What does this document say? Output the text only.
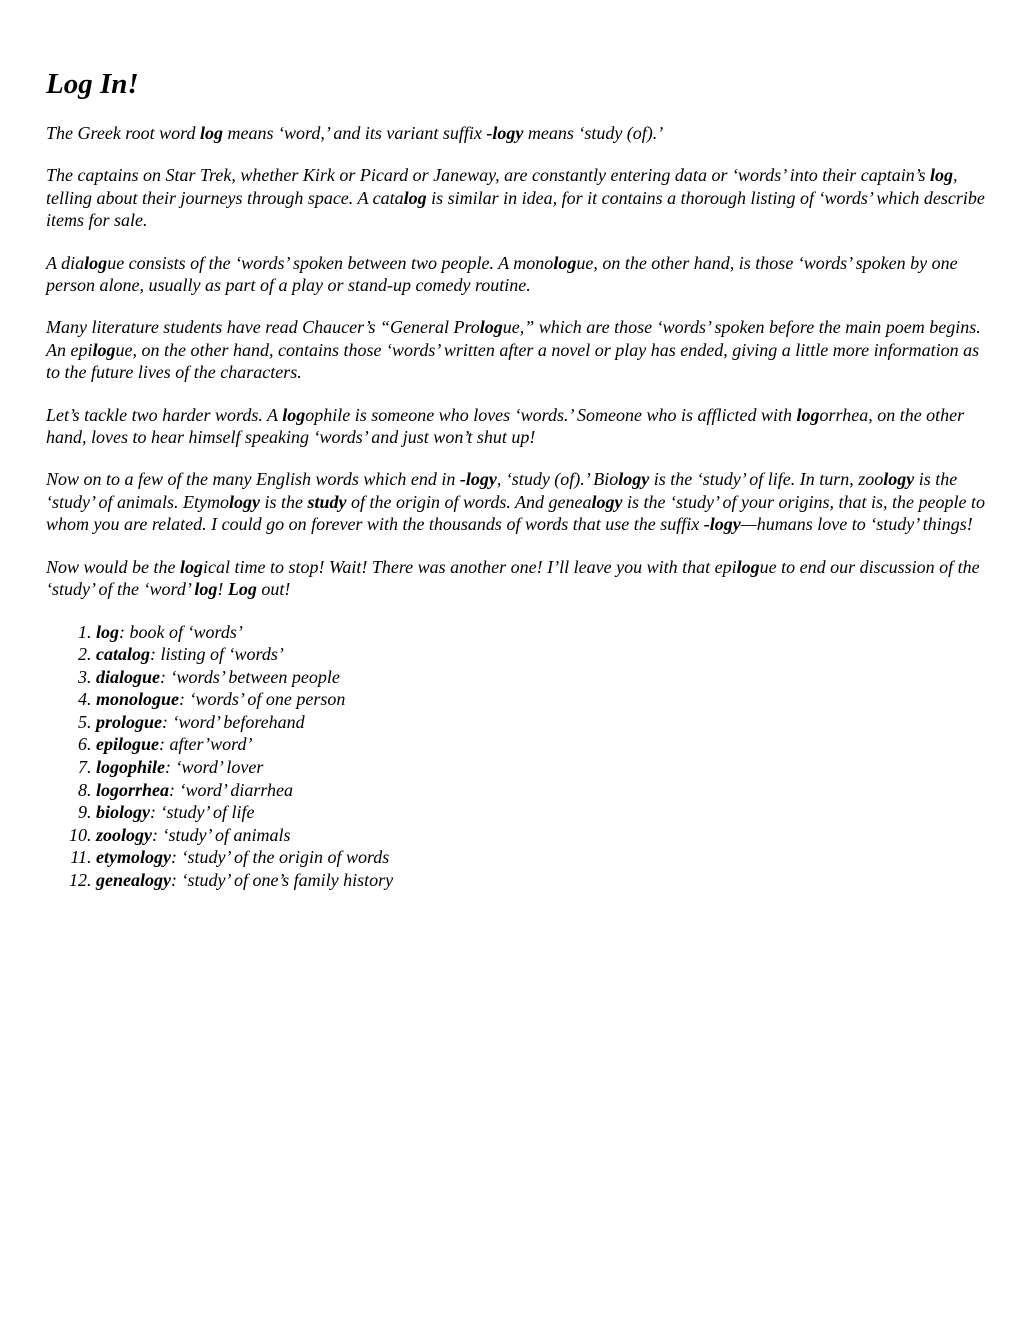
Log In!

The Greek root word log means ‘word,’ and its variant suffix -logy means ‘study (of).’

The captains on Star Trek, whether Kirk or Picard or Janeway, are constantly entering data or ‘words’ into their captain’s log, telling about their journeys through space. A catalog is similar in idea, for it contains a thorough listing of ‘words’ which describe items for sale.

A dialogue consists of the ‘words’ spoken between two people. A monologue, on the other hand, is those ‘words’ spoken by one person alone, usually as part of a play or stand-up comedy routine.

Many literature students have read Chaucer’s “General Prologue,” which are those ‘words’ spoken before the main poem begins. An epilogue, on the other hand, contains those ‘words’ written after a novel or play has ended, giving a little more information as to the future lives of the characters.

Let’s tackle two harder words. A logophile is someone who loves ‘words.’ Someone who is afflicted with logorrhea, on the other hand, loves to hear himself speaking ‘words’ and just won’t shut up!

Now on to a few of the many English words which end in -logy, ‘study (of).’ Biology is the ‘study’ of life. In turn, zoology is the ‘study’ of animals. Etymology is the study of the origin of words. And genealogy is the ‘study’ of your origins, that is, the people to whom you are related. I could go on forever with the thousands of words that use the suffix -logy—humans love to ‘study’ things!

Now would be the logical time to stop! Wait! There was another one! I’ll leave you with that epilogue to end our discussion of the ‘study’ of the ‘word’ log! Log out!

1. log: book of ‘words’
2. catalog: listing of ‘words’
3. dialogue: ‘words’ between people
4. monologue: ‘words’ of one person
5. prologue: ‘word’ beforehand
6. epilogue: after’word’
7. logophile: ‘word’ lover
8. logorrhea: ‘word’ diarrhea
9. biology: ‘study’ of life
10. zoology: ‘study’ of animals
11. etymology: ‘study’ of the origin of words
12. genealogy: ‘study’ of one’s family history
